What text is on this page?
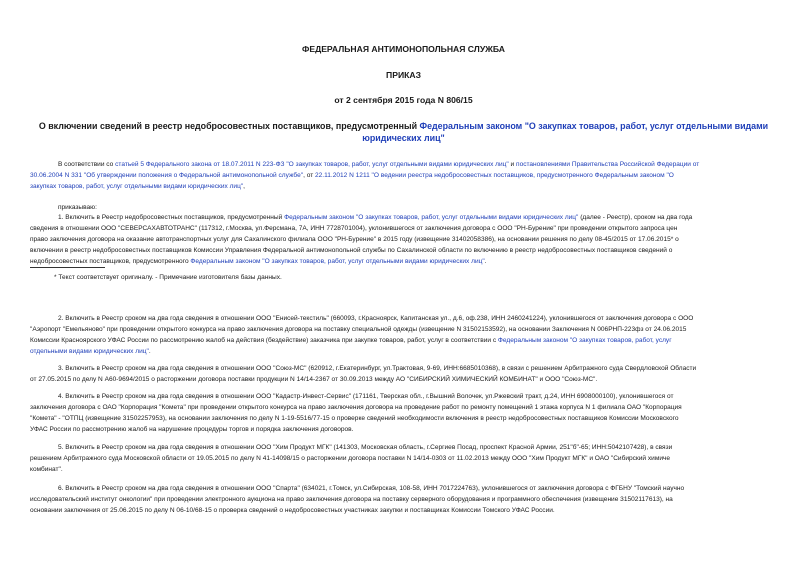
ФЕДЕРАЛЬНАЯ АНТИМОНОПОЛЬНАЯ СЛУЖБА
ПРИКАЗ
от 2 сентября 2015 года N 806/15
О включении сведений в реестр недобросовестных поставщиков, предусмотренный Федеральным законом "О закупках товаров, работ, услуг отдельными видами
юридических лиц"
В соответствии со статьей 5 Федерального закона от 18.07.2011 N 223-ФЗ "О закупках товаров, работ, услуг отдельными видами юридических лиц" и постановлениями Правительства Российской Федерации от
30.06.2004 N 331 "Об утверждении положения о Федеральной антимонопольной службе", от 22.11.2012 N 1211 "О ведении реестра недобросовестных поставщиков, предусмотренного Федеральным законом "О
закупках товаров, работ, услуг отдельными видами юридических лиц",
приказываю:
1. Включить в Реестр недобросовестных поставщиков, предусмотренный Федеральным законом "О закупках товаров, работ, услуг отдельными видами юридических лиц" (далее - Реестр), сроком на два года
сведения в отношении ООО "СЕВЕРСАХАВТОТРАНС" (117312, г.Москва, ул.Ферсмана, 7А, ИНН 7728701004), уклонившегося от заключения договора с ООО "РН-Бурение" при проведении открытого запроса цен
право заключения договора на оказание автотранспортных услуг для Сахалинского филиала ООО "РН-Бурение" в 2015 году (извещение 31402058386), на основании решения по делу 08-45/2015 от 17.06.2015* о
включении в реестр недобросовестных поставщиков Комиссии Управления Федеральной антимонопольной службы по Сахалинской области по включению в реестр недобросовестных поставщиков сведений о
недобросовестных поставщиков, предусмотренного Федеральным законом "О закупках товаров, работ, услуг отдельными видами юридических лиц".
* Текст соответствует оригиналу. - Примечание изготовителя базы данных.
2. Включить в Реестр сроком на два года сведения в отношении ООО "Енисей-текстиль" (660093, г.Красноярск, Капитанская ул., д.6, оф.238, ИНН 2460241224), уклонившегося от заключения договора с ООО
"Аэропорт "Емельяново" при проведении открытого конкурса на право заключения договора на поставку специальной одежды (извещение N 31502153592), на основании Заключения N 006РНП-223фз от 24.06.2015
Комиссии Красноярского УФАС России по рассмотрению жалоб на действия (бездействие) заказчика при закупке товаров, работ, услуг в соответствии с Федеральным законом "О закупках товаров, работ, услуг
отдельными видами юридических лиц".
3. Включить в Реестр сроком на два года сведения в отношении ООО "Союз-МС" (620912, г.Екатеринбург, ул.Трактовая, 9-69, ИНН:6685010368), в связи с решением Арбитражного суда Свердловской Области
от 27.05.2015 по делу N А60-9694/2015 о расторжении договора поставки продукции N 14/14-2367 от 30.09.2013 между АО "СИБИРСКИЙ ХИМИЧЕСКИЙ КОМБИНАТ" и ООО "Союз-МС".
4. Включить в Реестр сроком на два года сведения в отношении ООО "Кадастр-Инвест-Сервис" (171161, Тверская обл., г.Вышний Волочек, ул.Ржевский тракт, д.24, ИНН 6908000100), уклонившегося от
заключения договора с ОАО "Корпорация "Комета" при проведении открытого конкурса на право заключения договора на проведение работ по ремонту помещений 1 этажа корпуса N 1 филиала ОАО "Корпорация
"Комета" - "ОТПЦ (извещение 31502257953), на основании заключения по делу N 1-19-5516/77-15 о проверке сведений необходимости включения в реестр недобросовестных поставщиков Комиссии Московского
УФАС России по рассмотрению жалоб на нарушение процедуры торгов и порядка заключения договоров.
5. Включить в Реестр сроком на два года сведения в отношении ООО "Хим Продукт МГК" (141303, Московская область, г.Сергиев Посад, проспект Красной Армии, 251"б"-65; ИНН:5042107428), в связи
решением Арбитражного суда Московской области от 19.05.2015 по делу N 41-14098/15 о расторжении договора поставки N 14/14-0303 от 11.02.2013 между ООО "Хим Продукт МГК" и ОАО "Сибирский химиче
комбинат".
6. Включить в Реестр сроком на два года сведения в отношении ООО "Спарта" (634021, г.Томск, ул.Сибирская, 108-58, ИНН 7017224763), уклонившегося от заключения договора с ФГБНУ "Томский научно
исследовательский институт онкологии" при проведении электронного аукциона на право заключения договора на поставку серверного оборудования и программного обеспечения (извещение 31502117613), на
основании заключения от 25.06.2015 по делу N 06-10/68-15 о проверка сведений о недобросовестных участниках закупки и поставщиках Комиссии Томского УФАС России.
